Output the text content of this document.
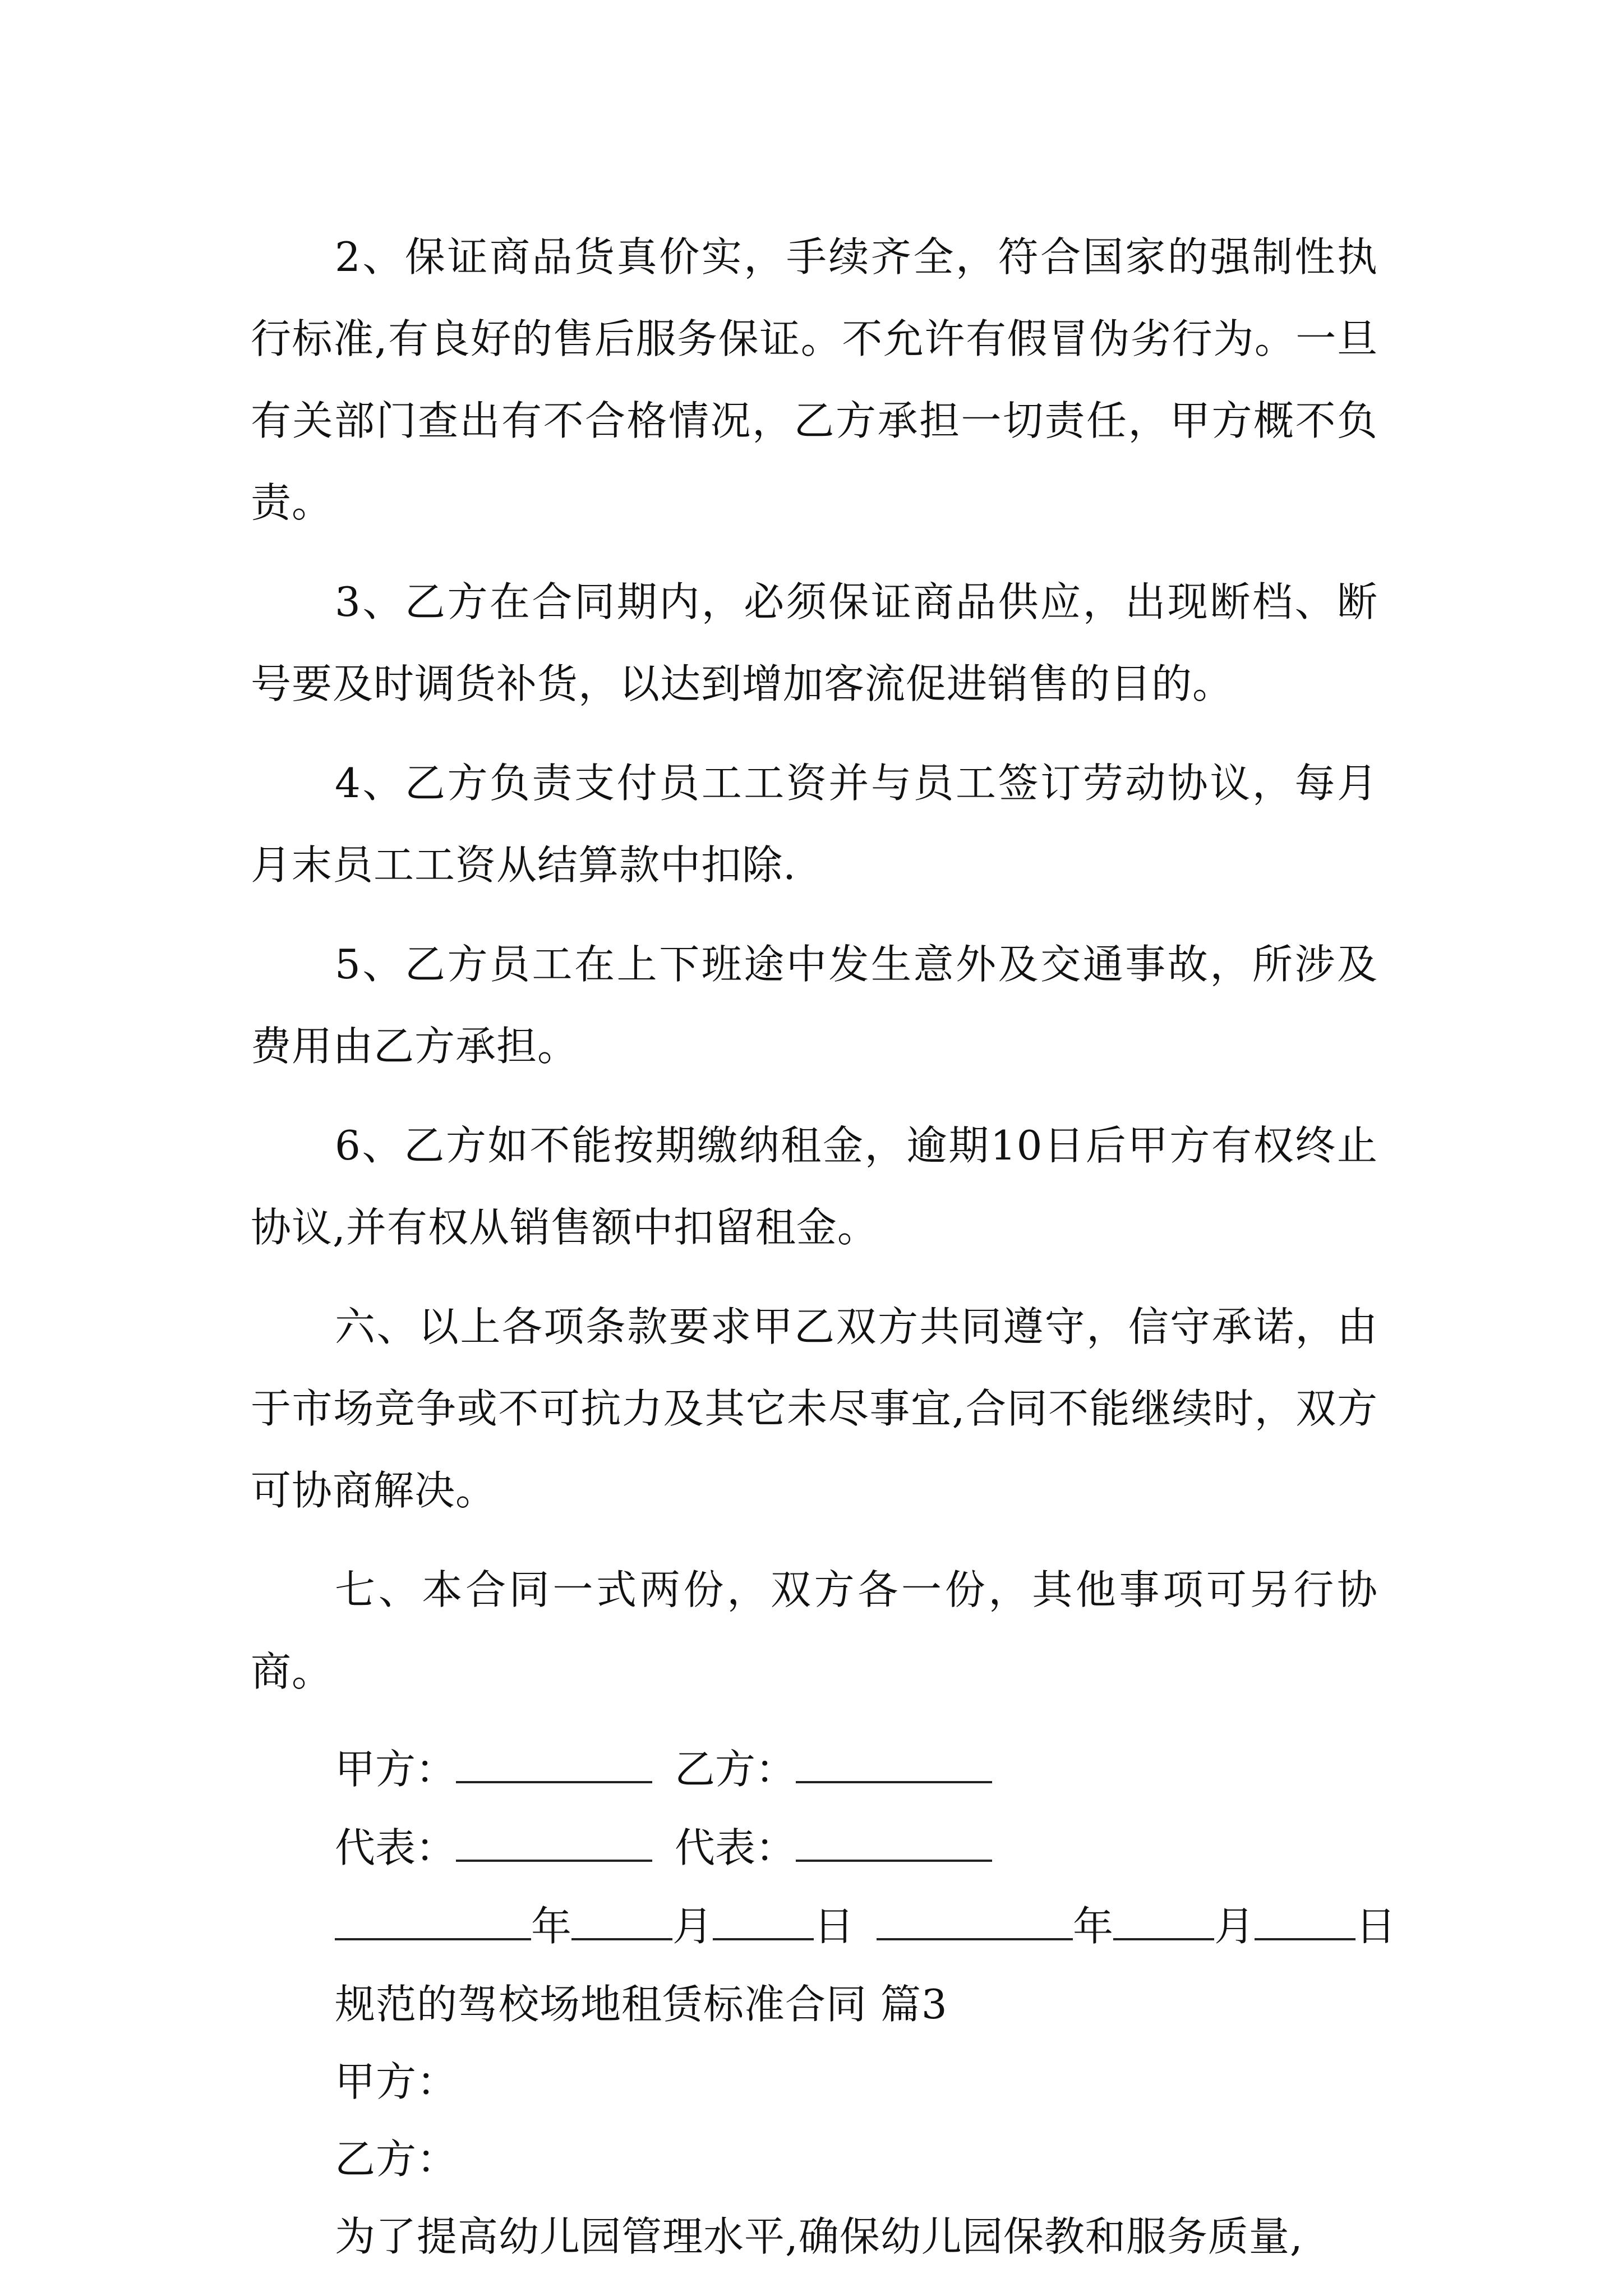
2、保证商品货真价实，手续齐全，符合国家的强制性执行标准,有良好的售后服务保证。不允许有假冒伪劣行为。一旦有关部门查出有不合格情况，乙方承担一切责任，甲方概不负责。

3、乙方在合同期内，必须保证商品供应，出现断档、断号要及时调货补货，以达到增加客流促进销售的目的。

4、乙方负责支付员工工资并与员工签订劳动协议，每月月末员工工资从结算款中扣除.

5、乙方员工在上下班途中发生意外及交通事故，所涉及费用由乙方承担。

6、乙方如不能按期缴纳租金，逾期10日后甲方有权终止协议,并有权从销售额中扣留租金。

六、以上各项条款要求甲乙双方共同遵守，信守承诺，由于市场竞争或不可抗力及其它未尽事宜,合同不能继续时，双方可协商解决。

七、本合同一式两份，双方各一份，其他事项可另行协商。

甲方：	乙方：
代表：	代表：
年	月	日	年	月	日
规范的驾校场地租赁标准合同 篇3
甲方：
乙方：
为了提高幼儿园管理水平,确保幼儿园保教和服务质量,
